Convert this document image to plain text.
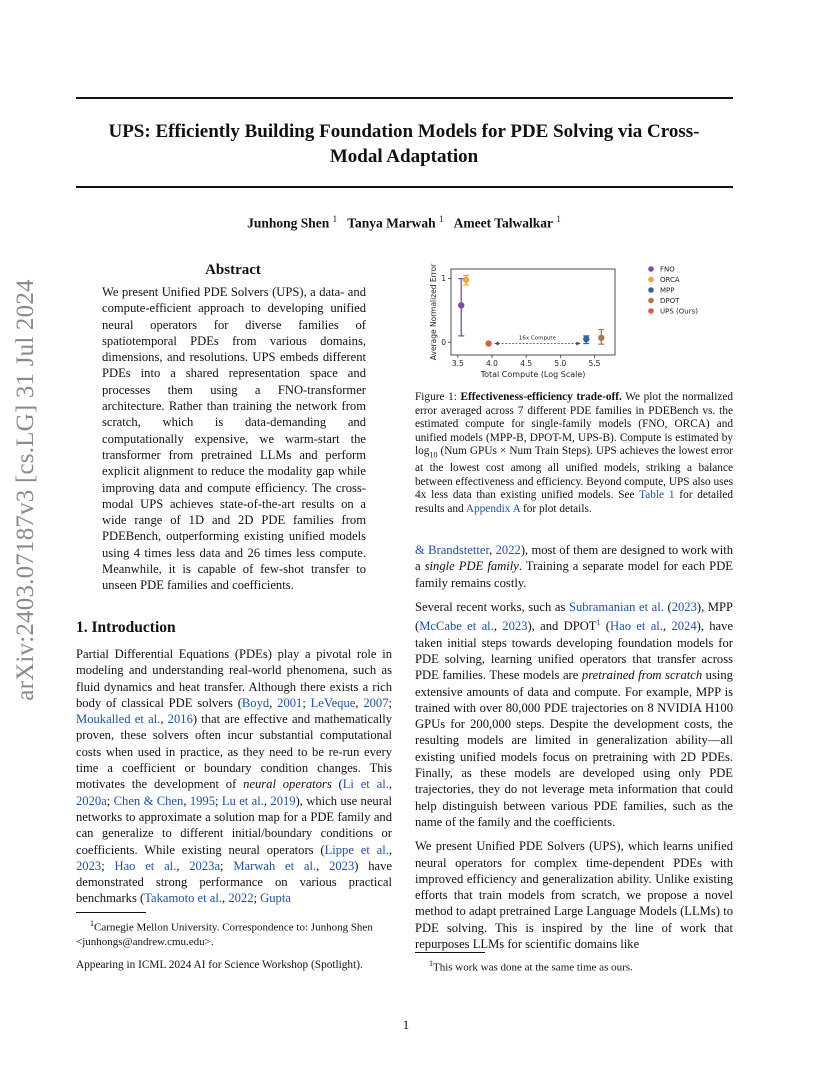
arXiv:2403.07187v3 [cs.LG] 31 Jul 2024
UPS: Efficiently Building Foundation Models for PDE Solving via Cross-Modal Adaptation
Junhong Shen $^1$ Tanya Marwah $^1$ Ameet Talwalkar $^1$
Abstract
We present Unified PDE Solvers (UPS), a data- and compute-efficient approach to developing unified neural operators for diverse families of spatiotemporal PDEs from various domains, dimensions, and resolutions. UPS embeds different PDEs into a shared representation space and processes them using a FNO-transformer architecture. Rather than training the network from scratch, which is data-demanding and computationally expensive, we warm-start the transformer from pretrained LLMs and perform explicit alignment to reduce the modality gap while improving data and compute efficiency. The cross-modal UPS achieves state-of-the-art results on a wide range of 1D and 2D PDE families from PDEBench, outperforming existing unified models using 4 times less data and 26 times less compute. Meanwhile, it is capable of few-shot transfer to unseen PDE families and coefficients.
1. Introduction
Partial Differential Equations (PDEs) play a pivotal role in modeling and understanding real-world phenomena, such as fluid dynamics and heat transfer. Although there exists a rich body of classical PDE solvers (Boyd, 2001; LeVeque, 2007; Moukalled et al., 2016) that are effective and mathematically proven, these solvers often incur substantial computational costs when used in practice, as they need to be re-run every time a coefficient or boundary condition changes. This motivates the development of neural operators (Li et al., 2020a; Chen & Chen, 1995; Lu et al., 2019), which use neural networks to approximate a solution map for a PDE family and can generalize to different initial/boundary conditions or coefficients. While existing neural operators (Lippe et al., 2023; Hao et al., 2023a; Marwah et al., 2023) have demonstrated strong performance on various practical benchmarks (Takamoto et al., 2022; Gupta
$^1$Carnegie Mellon University. Correspondence to: Junhong Shen <junhongs@andrew.cmu.edu>.
Appearing in ICML 2024 AI for Science Workshop (Spotlight).
3.5	4.0	4.5	5.0	5.5
0
1
Total Compute (Log Scale)
Average Normalized Error	16x Compute
FNO
ORCA
MPP
DPOT
UPS (Ours)
Figure 1: Effectiveness-efficiency trade-off. We plot the normalized error averaged across 7 different PDE families in PDEBench vs. the estimated compute for single-family models (FNO, ORCA) and unified models (MPP-B, DPOT-M, UPS-B). Compute is estimated by $\log_{10} (Num$ GPUs × Num Train Steps). UPS achieves the lowest error at the lowest cost among all unified models, striking a balance between effectiveness and efficiency. Beyond compute, UPS also uses 4x less data than existing unified models. See Table 1 for detailed results and Appendix A for plot details.

& Brandstetter, 2022), most of them are designed to work with a single PDE family. Training a separate model for each PDE family remains costly.

Several recent works, such as Subramanian et al. (2023), MPP (McCabe et al., 2023), and DPOT$^1$ (Hao et al., 2024), have taken initial steps towards developing foundation models for PDE solving, learning unified operators that transfer across PDE families. These models are pretrained from scratch using extensive amounts of data and compute. For example, MPP is trained with over 80,000 PDE trajectories on 8 NVIDIA H100 GPUs for 200,000 steps. Despite the development costs, the resulting models are limited in generalization ability—all existing unified models focus on pretraining with 2D PDEs. Finally, as these models are developed using only PDE trajectories, they do not leverage meta information that could help distinguish between various PDE families, such as the name of the family and the coefficients.

We present Unified PDE Solvers (UPS), which learns unified neural operators for complex time-dependent PDEs with improved efficiency and generalization ability. Unlike existing efforts that train models from scratch, we propose a novel method to adapt pretrained Large Language Models (LLMs) to PDE solving. This is inspired by the line of work that repurposes LLMs for scientific domains like

$^1$This work was done at the same time as ours.
1
